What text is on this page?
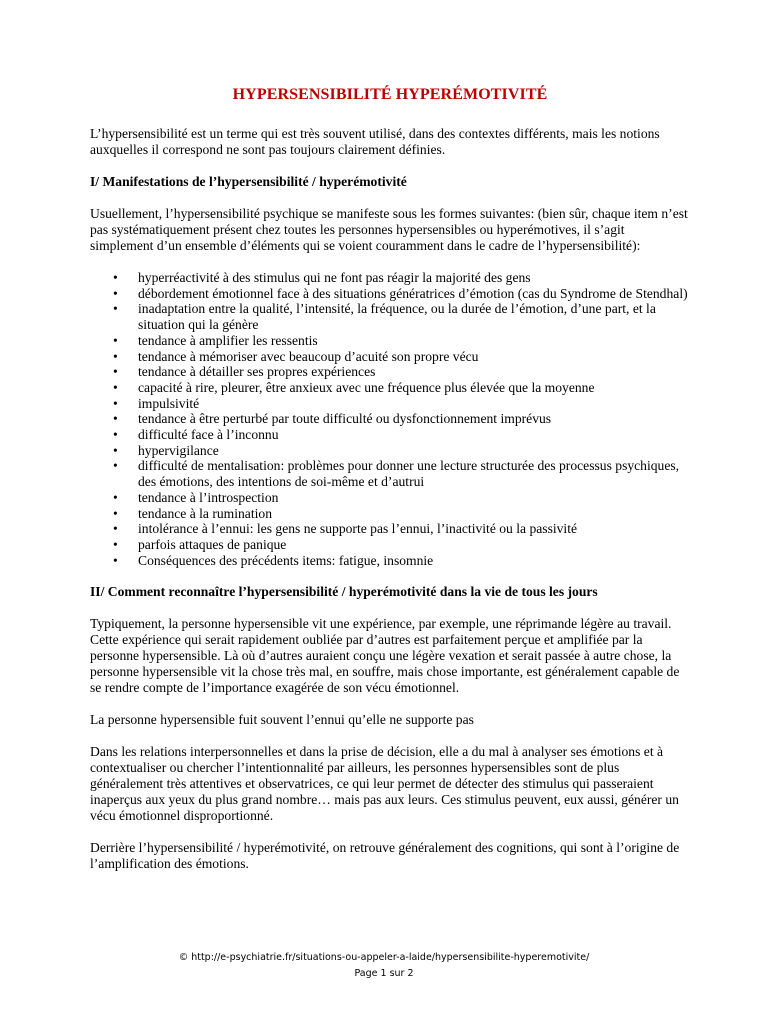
HYPERSENSIBILITÉ HYPERÉMOTIVITÉ

L’hypersensibilité est un terme qui est très souvent utilisé, dans des contextes différents, mais les notions auxquelles il correspond ne sont pas toujours clairement définies.

I/ Manifestations de l’hypersensibilité / hyperémotivité

Usuellement, l’hypersensibilité psychique se manifeste sous les formes suivantes: (bien sûr, chaque item n’est pas systématiquement présent chez toutes les personnes hypersensibles ou hyperémotives, il s’agit simplement d’un ensemble d’éléments qui se voient couramment dans le cadre de l’hypersensibilité):

• hyperréactivité à des stimulus qui ne font pas réagir la majorité des gens
• débordement émotionnel face à des situations génératrices d’émotion (cas du Syndrome de Stendhal)
• inadaptation entre la qualité, l’intensité, la fréquence, ou la durée de l’émotion, d’une part, et la situation qui la génère
• tendance à amplifier les ressentis
• tendance à mémoriser avec beaucoup d’acuité son propre vécu
• tendance à détailler ses propres expériences
• capacité à rire, pleurer, être anxieux avec une fréquence plus élevée que la moyenne
• impulsivité
• tendance à être perturbé par toute difficulté ou dysfonctionnement imprévus
• difficulté face à l’inconnu
• hypervigilance
• difficulté de mentalisation: problèmes pour donner une lecture structurée des processus psychiques, des émotions, des intentions de soi-même et d’autrui
• tendance à l’introspection
• tendance à la rumination
• intolérance à l’ennui: les gens ne supporte pas l’ennui, l’inactivité ou la passivité
• parfois attaques de panique
• Conséquences des précédents items: fatigue, insomnie
II/ Comment reconnaître l’hypersensibilité / hyperémotivité dans la vie de tous les jours

Typiquement, la personne hypersensible vit une expérience, par exemple, une réprimande légère au travail. Cette expérience qui serait rapidement oubliée par d’autres est parfaitement perçue et amplifiée par la personne hypersensible. Là où d’autres auraient conçu une légère vexation et serait passée à autre chose, la personne hypersensible vit la chose très mal, en souffre, mais chose importante, est généralement capable de se rendre compte de l’importance exagérée de son vécu émotionnel.

La personne hypersensible fuit souvent l’ennui qu’elle ne supporte pas

Dans les relations interpersonnelles et dans la prise de décision, elle a du mal à analyser ses émotions et à contextualiser ou chercher l’intentionnalité par ailleurs, les personnes hypersensibles sont de plus généralement très attentives et observatrices, ce qui leur permet de détecter des stimulus qui passeraient inaperçus aux yeux du plus grand nombre… mais pas aux leurs. Ces stimulus peuvent, eux aussi, générer un vécu émotionnel disproportionné.

Derrière l’hypersensibilité / hyperémotivité, on retrouve généralement des cognitions, qui sont à l’origine de l’amplification des émotions.

© http://e-psychiatrie.fr/situations-ou-appeler-a-laide/hypersensibilite-hyperemotivite/
Page 1 sur 2
